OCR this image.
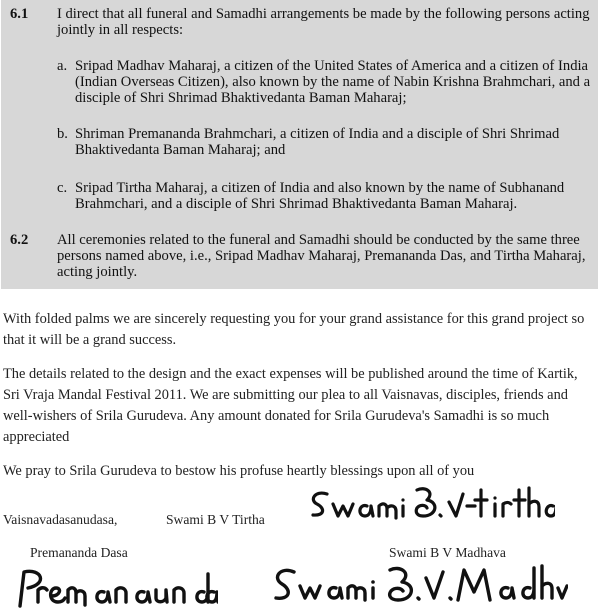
6.1 I direct that all funeral and Samadhi arrangements be made by the following persons acting jointly in all respects:
a. Sripad Madhav Maharaj, a citizen of the United States of America and a citizen of India (Indian Overseas Citizen), also known by the name of Nabin Krishna Brahmchari, and a disciple of Shri Shrimad Bhaktivedanta Baman Maharaj;
b. Shriman Premananda Brahmchari, a citizen of India and a disciple of Shri Shrimad Bhaktivedanta Baman Maharaj; and
c. Sripad Tirtha Maharaj, a citizen of India and also known by the name of Subhanand Brahmchari, and a disciple of Shri Shrimad Bhaktivedanta Baman Maharaj.
6.2 All ceremonies related to the funeral and Samadhi should be conducted by the same three persons named above, i.e., Sripad Madhav Maharaj, Premananda Das, and Tirtha Maharaj, acting jointly.

With folded palms we are sincerely requesting you for your grand assistance for this grand project so that it will be a grand success.

The details related to the design and the exact expenses will be published around the time of Kartik, Sri Vraja Mandal Festival 2011. We are submitting our plea to all Vaisnavas, disciples, friends and well-wishers of Srila Gurudeva. Any amount donated for Srila Gurudeva's Samadhi is so much appreciated

We pray to Srila Gurudeva to bestow his profuse heartly blessings upon all of you

Vaisnavadasanudasa,	Swami B V Tirtha
Premananda Dasa	Swami B V Madhava
